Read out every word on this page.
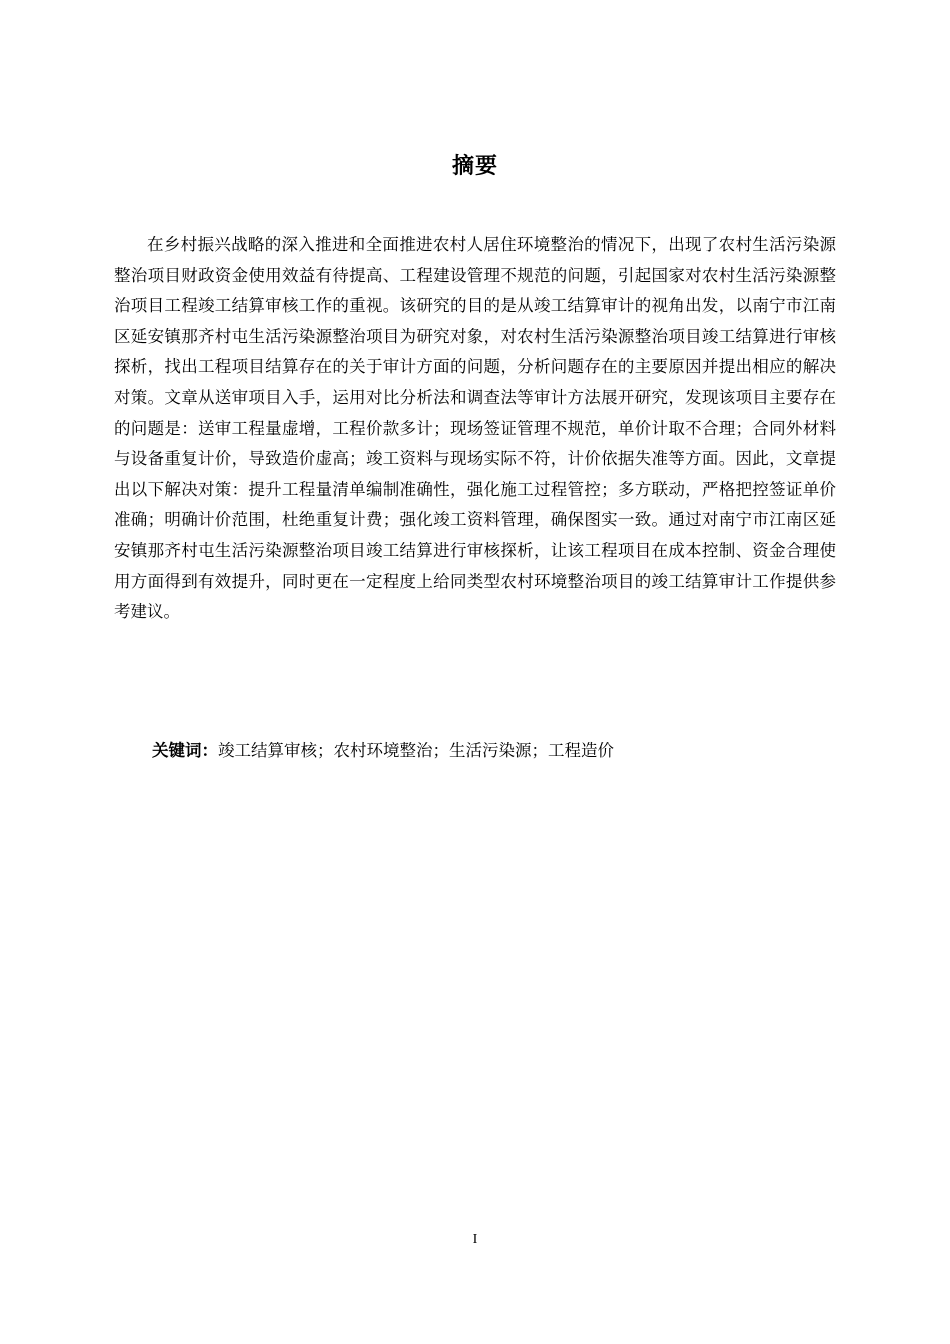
摘要

在乡村振兴战略的深入推进和全面推进农村人居住环境整治的情况下，出现了农村生活污染源整治项目财政资金使用效益有待提高、工程建设管理不规范的问题，引起国家对农村生活污染源整治项目工程竣工结算审核工作的重视。该研究的目的是从竣工结算审计的视角出发，以南宁市江南区延安镇那齐村屯生活污染源整治项目为研究对象，对农村生活污染源整治项目竣工结算进行审核探析，找出工程项目结算存在的关于审计方面的问题，分析问题存在的主要原因并提出相应的解决对策。文章从送审项目入手，运用对比分析法和调查法等审计方法展开研究，发现该项目主要存在的问题是：送审工程量虚增，工程价款多计；现场签证管理不规范，单价计取不合理；合同外材料与设备重复计价，导致造价虚高；竣工资料与现场实际不符，计价依据失准等方面。因此，文章提出以下解决对策：提升工程量清单编制准确性，强化施工过程管控；多方联动，严格把控签证单价准确；明确计价范围，杜绝重复计费；强化竣工资料管理，确保图实一致。通过对南宁市江南区延安镇那齐村屯生活污染源整治项目竣工结算进行审核探析，让该工程项目在成本控制、资金合理使用方面得到有效提升，同时更在一定程度上给同类型农村环境整治项目的竣工结算审计工作提供参考建议。

关键词：竣工结算审核；农村环境整治；生活污染源；工程造价
I
